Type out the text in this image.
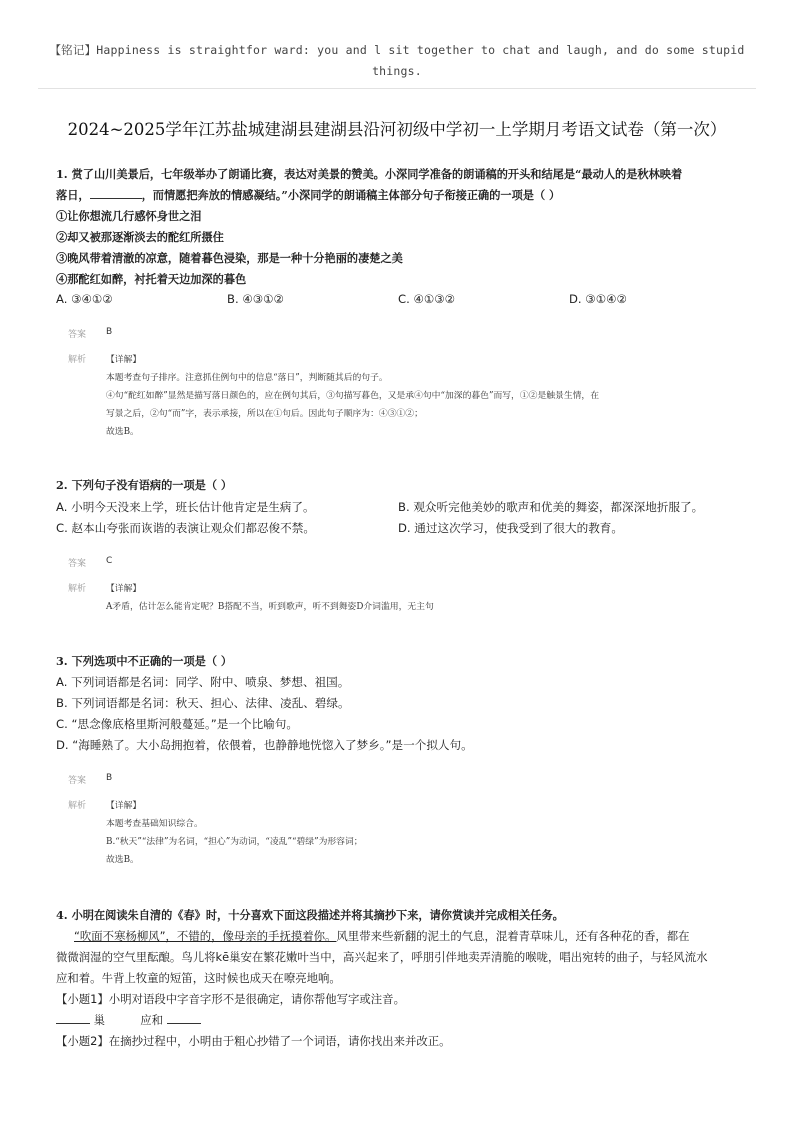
【铭记】Happiness is straightfor ward: you and l sit together to chat and laugh, and do some stupid things.
2024~2025学年江苏盐城建湖县建湖县沿河初级中学初一上学期月考语文试卷（第一次）
1. 赏了山川美景后，七年级举办了朗诵比赛，表达对美景的赞美。小深同学准备的朗诵稿的开头和结尾是“最动人的是秋林映着
落日，	，而情愿把奔放的情感凝结。”小深同学的朗诵稿主体部分句子衔接正确的一项是（ ）
①让你想流几行感怀身世之泪
②却又被那逐渐淡去的酡红所摄住
③晚风带着清澈的凉意，随着暮色浸染，那是一种十分艳丽的凄楚之美
④那酡红如醉，衬托着天边加深的暮色
A. ③④①②	B. ④③①②	C. ④①③②	D. ③①④②
答案 B
解析 【详解】
本题考查句子排序。注意抓住例句中的信息“落日”，判断随其后的句子。
④句“酡红如醉”显然是描写落日颜色的，应在例句其后，③句描写暮色，又是承④句中“加深的暮色”而写，①②是触景生情，在
写景之后，②句“而”字，表示承接，所以在①句后。因此句子顺序为：④③①②；
故选B。
2. 下列句子没有语病的一项是（ ）
A. 小明今天没来上学，班长估计他肯定是生病了。	B. 观众听完他美妙的歌声和优美的舞姿，都深深地折服了。
C. 赵本山夸张而诙谐的表演让观众们都忍俊不禁。	D. 通过这次学习，使我受到了很大的教育。
答案 C
解析 【详解】
A矛盾，估计怎么能肯定呢？B搭配不当，听到歌声，听不到舞姿D介词滥用，无主句
3. 下列选项中不正确的一项是（ ）
A. 下列词语都是名词：同学、附中、喷泉、梦想、祖国。
B. 下列词语都是名词：秋天、担心、法律、凌乱、碧绿。
C. “思念像底格里斯河般蔓延。”是一个比喻句。
D. “海睡熟了。大小岛拥抱着，依偎着，也静静地恍惚入了梦乡。”是一个拟人句。
答案 B
解析 【详解】
本题考查基础知识综合。
B.“秋天”“法律”为名词，“担心”为动词，“凌乱”“碧绿”为形容词；
故选B。
4. 小明在阅读朱自清的《春》时，十分喜欢下面这段描述并将其摘抄下来，请你赏读并完成相关任务。
“吹面不寒杨柳风”，不错的，像母亲的手抚摸着你。风里带来些新翻的泥土的气息，混着青草味儿，还有各种花的香，都在
微微润湿的空气里酝酿。鸟儿将kē巢安在繁花嫩叶当中，高兴起来了，呼朋引伴地卖弄清脆的喉咙，唱出宛转的曲子，与轻风流水
应和着。牛背上牧童的短笛，这时候也成天在嘹亮地响。
【小题1】小明对语段中字音字形不是很确定，请你帮他写字或注音。
巢	应和
【小题2】在摘抄过程中，小明由于粗心抄错了一个词语，请你找出来并改正。
